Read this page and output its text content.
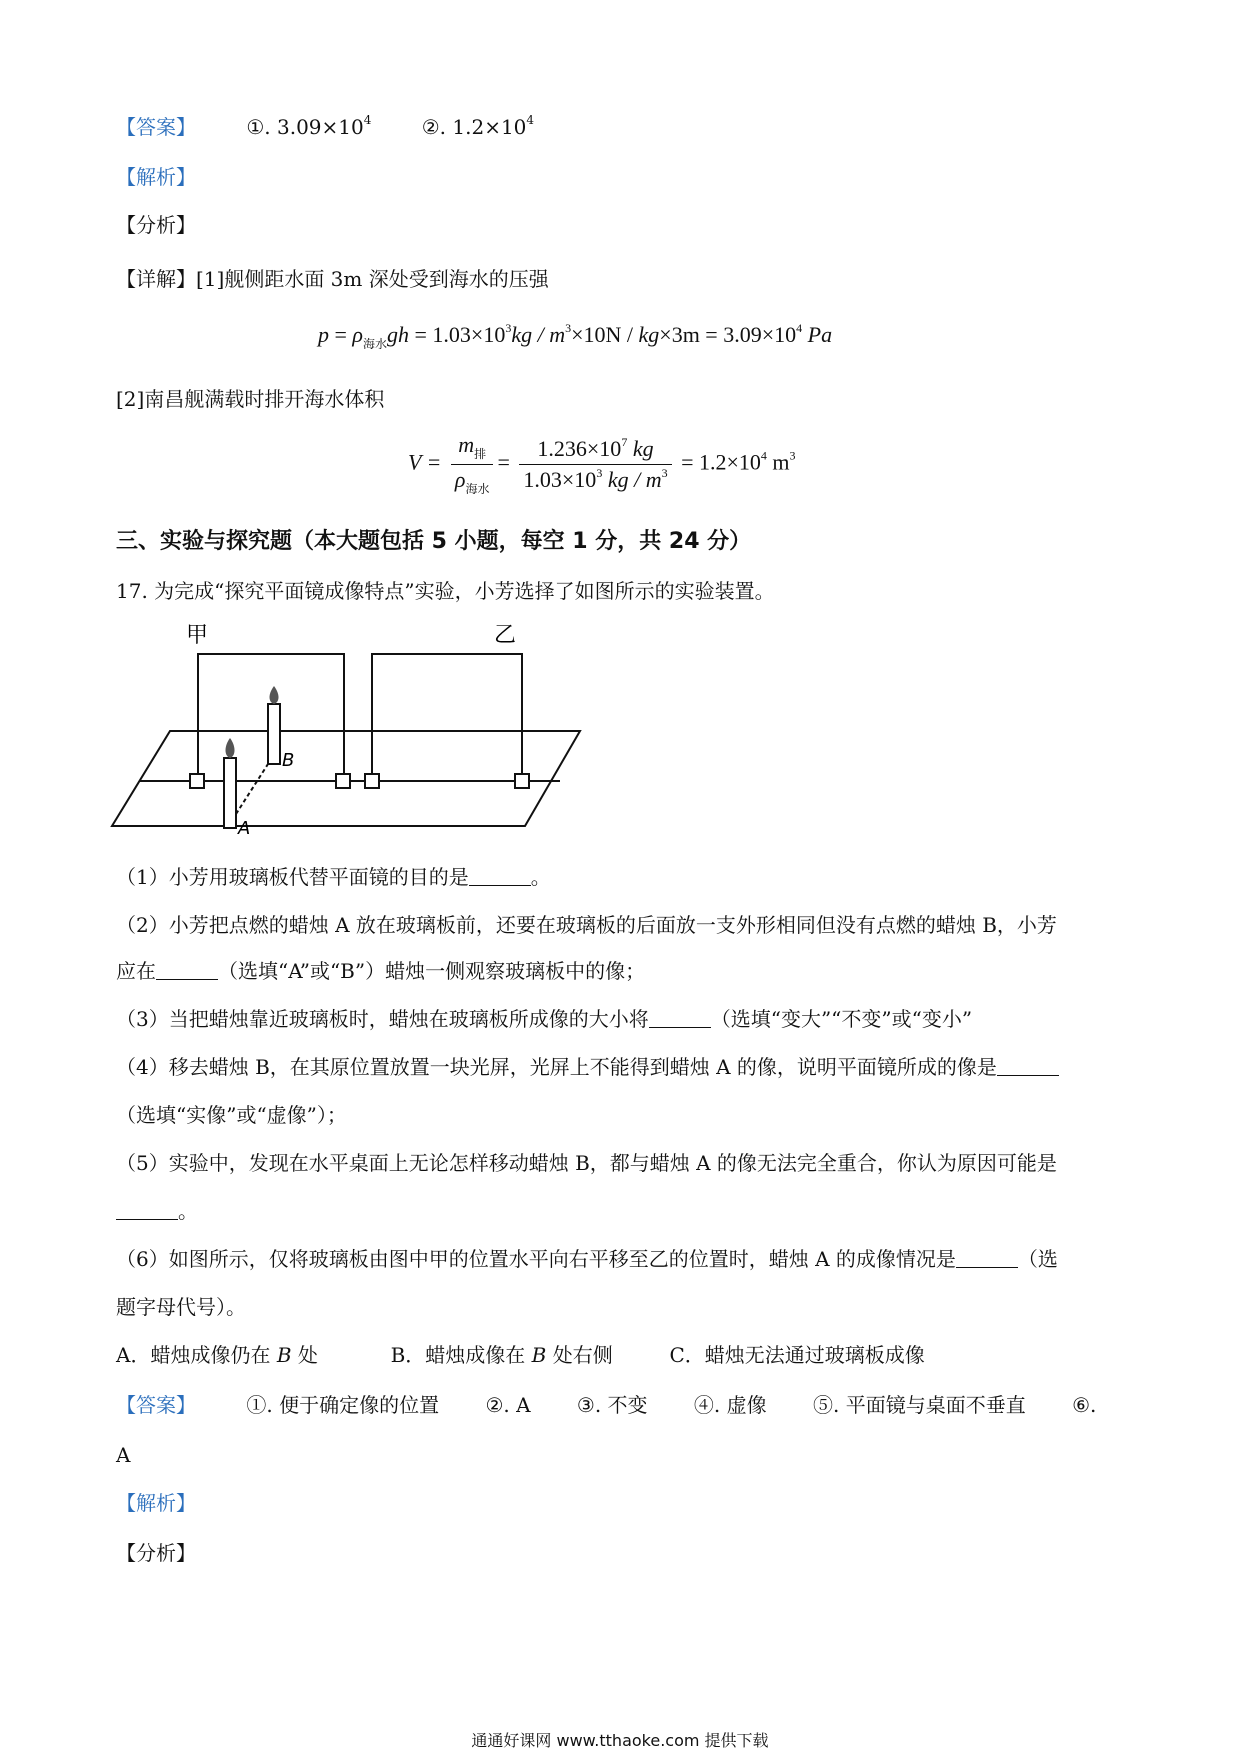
【答案】	①. $3.09\times 10^4$	②. $1.2\times 10^4$
【解析】
【分析】
【详解】[1]舰侧距水面 3m 深处受到海水的压强
$p = \rho_{海水}gh = 1.03\times 10^3kg / m^3\times 10N / kg\times 3m = 3.09\times 10^4$ Pa
[2]南昌舰满载时排开海水体积
$V = \frac{m_排}{\rho_{海水}} = \frac{1.236\times 10^7 kg}{1.03\times 10^3 kg / m^3} = 1.2\times 10^4$ $m^3$
三、实验与探究题（本大题包括 5 小题，每空 1 分，共 24 分）
17. 为完成“探究平面镜成像特点”实验，小芳选择了如图所示的实验装置。
甲	乙
A
B
（1）小芳用玻璃板代替平面镜的目的是	。
（2）小芳把点燃的蜡烛 A 放在玻璃板前，还要在玻璃板的后面放一支外形相同但没有点燃的蜡烛 B，小芳
应在	（选填“A”或“B”）蜡烛一侧观察玻璃板中的像；
（3）当把蜡烛靠近玻璃板时，蜡烛在玻璃板所成像的大小将	（选填“变大”“不变”或“变小”
（4）移去蜡烛 B，在其原位置放置一块光屏，光屏上不能得到蜡烛 A 的像，说明平面镜所成的像是
（选填“实像”或“虚像”）；
（5）实验中，发现在水平桌面上无论怎样移动蜡烛 B，都与蜡烛 A 的像无法完全重合，你认为原因可能是
。
（6）如图所示，仅将玻璃板由图中甲的位置水平向右平移至乙的位置时，蜡烛 A 的成像情况是	（选
题字母代号）。
A．蜡烛成像仍在 B 处	B．蜡烛成像在 B 处右侧	C．蜡烛无法通过玻璃板成像
【答案】	①. 便于确定像的位置 ②. A ③. 不变 ④. 虚像 ⑤. 平面镜与桌面不垂直 ⑥.
A
【解析】
【分析】
通通好课网 www.tthaoke.com 提供下载
